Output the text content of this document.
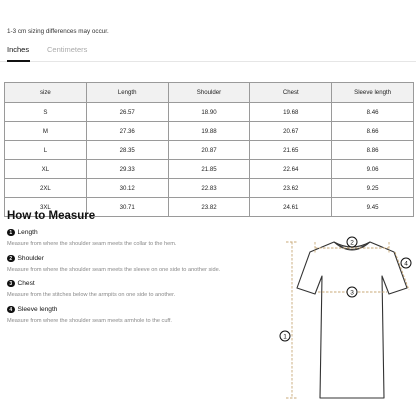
1-3 cm sizing differences may occur.
Inches Centimeters
size	Length	Shoulder	Chest	Sleeve length
S	26.57	18.90	19.68	8.46
M	27.36	19.88	20.67	8.66
L	28.35	20.87	21.65	8.86
XL	29.33	21.85	22.64	9.06
2XL	30.12	22.83	23.62	9.25
3XL	30.71	23.82	24.61	9.45
How to Measure
1 Length
Measure from where the shoulder seam meets the collar to the hem.
2 Shoulder
Measure from where the shoulder seam meets the sleeve on one side to another side.
3 Chest
Measure from the stitches below the armpits on one side to another.
4 Sleeve length
Measure from where the shoulder seam meets armhole to the cuff.
2
3
1
4
